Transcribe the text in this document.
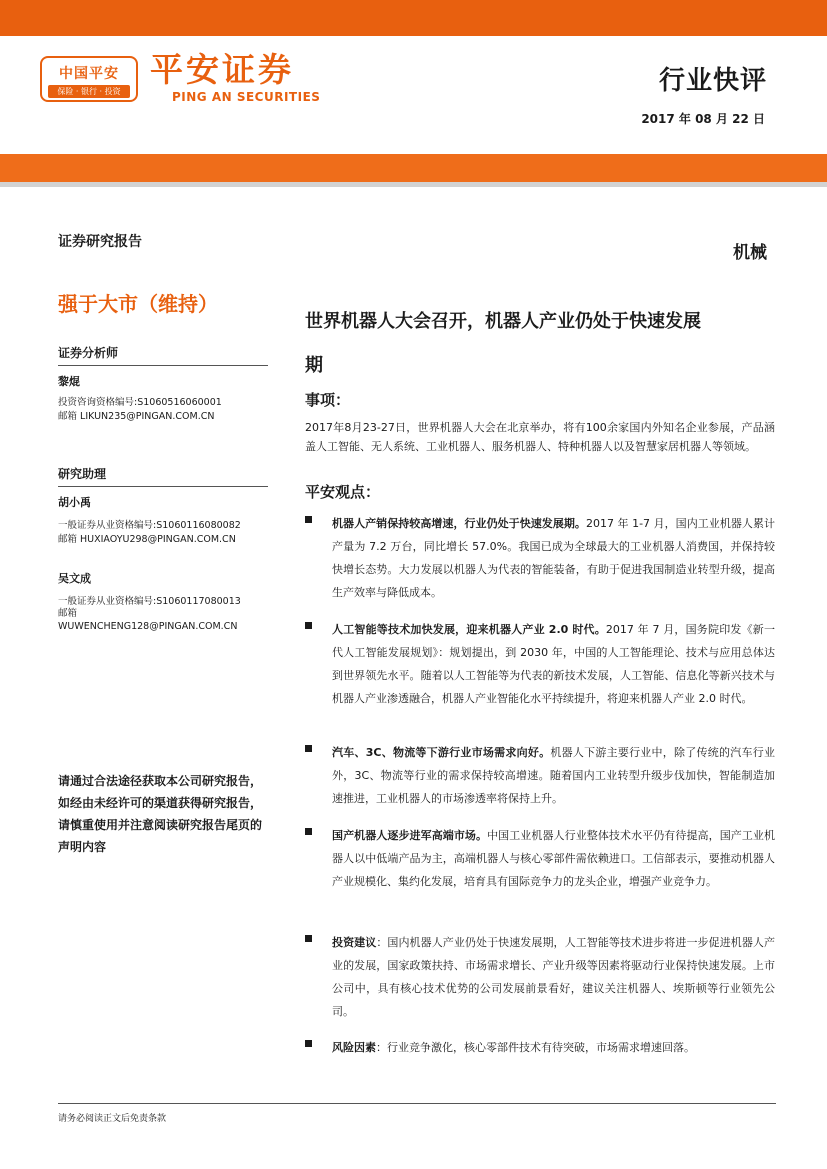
中国平安
保险 · 银行 · 投资
平安证券
PING AN SECURITIES
行业快评
2017 年 08 月 22 日
证券研究报告
机械
强于大市（维持）
证券分析师
黎焜
投资咨询资格编号:S1060516060001
邮箱 LIKUN235@PINGAN.COM.CN
研究助理
胡小禹
一般证券从业资格编号:S1060116080082
邮箱 HUXIAOYU298@PINGAN.COM.CN
吴文成
一般证券从业资格编号:S1060117080013
邮箱
WUWENCHENG128@PINGAN.COM.CN
请通过合法途径获取本公司研究报告，如经由未经许可的渠道获得研究报告，请慎重使用并注意阅读研究报告尾页的声明内容
世界机器人大会召开，机器人产业仍处于快速发展
期
事项：
2017年8月23-27日，世界机器人大会在北京举办，将有100余家国内外知名企业参展，产品涵盖人工智能、无人系统、工业机器人、服务机器人、特种机器人以及智慧家居机器人等领域。
平安观点：
机器人产销保持较高增速，行业仍处于快速发展期。2017 年 1-7 月，国内工业机器人累计产量为 7.2 万台，同比增长 57.0%。我国已成为全球最大的工业机器人消费国，并保持较快增长态势。大力发展以机器人为代表的智能装备，有助于促进我国制造业转型升级，提高生产效率与降低成本。
人工智能等技术加快发展，迎来机器人产业 2.0 时代。2017 年 7 月，国务院印发《新一代人工智能发展规划》：规划提出，到 2030 年，中国的人工智能理论、技术与应用总体达到世界领先水平。随着以人工智能等为代表的新技术发展，人工智能、信息化等新兴技术与机器人产业渗透融合，机器人产业智能化水平持续提升，将迎来机器人产业 2.0 时代。
汽车、3C、物流等下游行业市场需求向好。机器人下游主要行业中，除了传统的汽车行业外，3C、物流等行业的需求保持较高增速。随着国内工业转型升级步伐加快，智能制造加速推进，工业机器人的市场渗透率将保持上升。
国产机器人逐步进军高端市场。中国工业机器人行业整体技术水平仍有待提高，国产工业机器人以中低端产品为主，高端机器人与核心零部件需依赖进口。工信部表示，要推动机器人产业规模化、集约化发展，培育具有国际竞争力的龙头企业，增强产业竞争力。
投资建议：国内机器人产业仍处于快速发展期，人工智能等技术进步将进一步促进机器人产业的发展，国家政策扶持、市场需求增长、产业升级等因素将驱动行业保持快速发展。上市公司中，具有核心技术优势的公司发展前景看好，建议关注机器人、埃斯顿等行业领先公司。
风险因素：行业竞争激化，核心零部件技术有待突破，市场需求增速回落。
请务必阅读正文后免责条款
